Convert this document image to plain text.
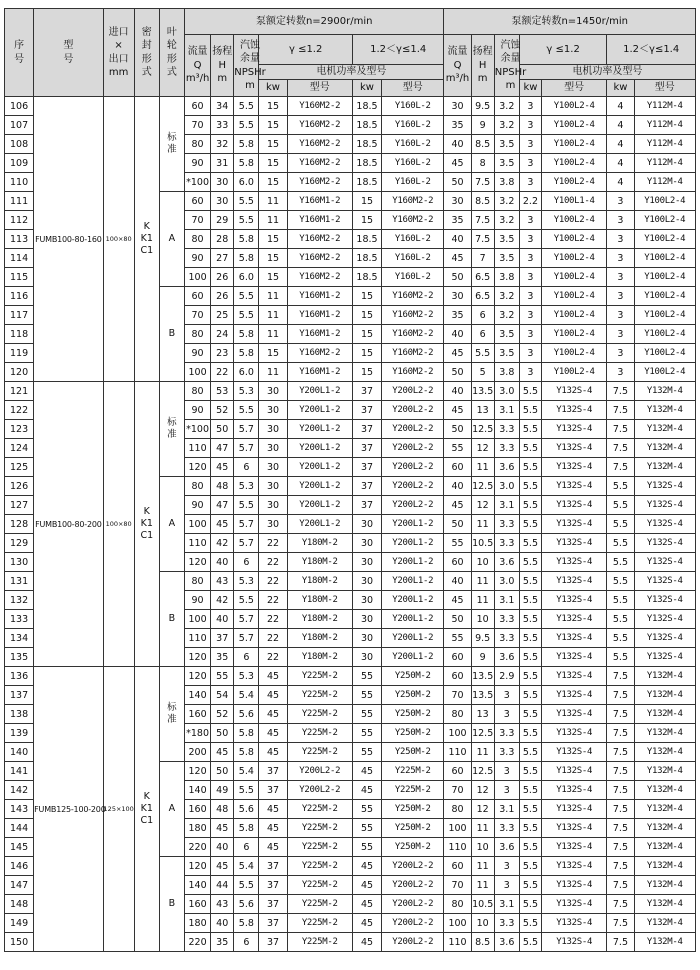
序
号	型
号	进口
×
出口
mm	密
封
形
式	叶
轮
形
式	泵额定转数n=2900r/min							泵额定转数n=1450r/min						
					流量
Q
m³/h	扬程
H
m	汽蚀
余量
NPSHr
m	γ ≤1.2		1.2＜γ≤1.4		流量
Q
m³/h	扬程
H
m	汽蚀
余量
NPSHr
m	γ ≤1.2		1.2＜γ≤1.4	
								电机功率及型号							电机功率及型号			
								kw	型号	kw	型号				kw	型号	kw	型号
106	FUMB100-80-160	100×80	K
K1
C1	标
准	60	34	5.5	15	Y160M2-2	18.5	Y160L-2	30	9.5	3.2	3	Y100L2-4	4	Y112M-4
107					70	33	5.5	15	Y160M2-2	18.5	Y160L-2	35	9	3.2	3	Y100L2-4	4	Y112M-4
108					80	32	5.8	15	Y160M2-2	18.5	Y160L-2	40	8.5	3.5	3	Y100L2-4	4	Y112M-4
109					90	31	5.8	15	Y160M2-2	18.5	Y160L-2	45	8	3.5	3	Y100L2-4	4	Y112M-4
110					*100	30	6.0	15	Y160M2-2	18.5	Y160L-2	50	7.5	3.8	3	Y100L2-4	4	Y112M-4
111				A	60	30	5.5	11	Y160M1-2	15	Y160M2-2	30	8.5	3.2	2.2	Y100L1-4	3	Y100L2-4
112					70	29	5.5	11	Y160M1-2	15	Y160M2-2	35	7.5	3.2	3	Y100L2-4	3	Y100L2-4
113					80	28	5.8	15	Y160M2-2	18.5	Y160L-2	40	7.5	3.5	3	Y100L2-4	3	Y100L2-4
114					90	27	5.8	15	Y160M2-2	18.5	Y160L-2	45	7	3.5	3	Y100L2-4	3	Y100L2-4
115					100	26	6.0	15	Y160M2-2	18.5	Y160L-2	50	6.5	3.8	3	Y100L2-4	3	Y100L2-4
116				B	60	26	5.5	11	Y160M1-2	15	Y160M2-2	30	6.5	3.2	3	Y100L2-4	3	Y100L2-4
117					70	25	5.5	11	Y160M1-2	15	Y160M2-2	35	6	3.2	3	Y100L2-4	3	Y100L2-4
118					80	24	5.8	11	Y160M1-2	15	Y160M2-2	40	6	3.5	3	Y100L2-4	3	Y100L2-4
119					90	23	5.8	15	Y160M2-2	15	Y160M2-2	45	5.5	3.5	3	Y100L2-4	3	Y100L2-4
120					100	22	6.0	11	Y160M1-2	15	Y160M2-2	50	5	3.8	3	Y100L2-4	3	Y100L2-4
121	FUMB100-80-200	100×80	K
K1
C1	标
准	80	53	5.3	30	Y200L1-2	37	Y200L2-2	40	13.5	3.0	5.5	Y132S-4	7.5	Y132M-4
122					90	52	5.5	30	Y200L1-2	37	Y200L2-2	45	13	3.1	5.5	Y132S-4	7.5	Y132M-4
123					*100	50	5.7	30	Y200L1-2	37	Y200L2-2	50	12.5	3.3	5.5	Y132S-4	7.5	Y132M-4
124					110	47	5.7	30	Y200L1-2	37	Y200L2-2	55	12	3.3	5.5	Y132S-4	7.5	Y132M-4
125					120	45	6	30	Y200L1-2	37	Y200L2-2	60	11	3.6	5.5	Y132S-4	7.5	Y132M-4
126				A	80	48	5.3	30	Y200L1-2	37	Y200L2-2	40	12.5	3.0	5.5	Y132S-4	5.5	Y132S-4
127					90	47	5.5	30	Y200L1-2	37	Y200L2-2	45	12	3.1	5.5	Y132S-4	5.5	Y132S-4
128					100	45	5.7	30	Y200L1-2	30	Y200L1-2	50	11	3.3	5.5	Y132S-4	5.5	Y132S-4
129					110	42	5.7	22	Y180M-2	30	Y200L1-2	55	10.5	3.3	5.5	Y132S-4	5.5	Y132S-4
130					120	40	6	22	Y180M-2	30	Y200L1-2	60	10	3.6	5.5	Y132S-4	5.5	Y132S-4
131				B	80	43	5.3	22	Y180M-2	30	Y200L1-2	40	11	3.0	5.5	Y132S-4	5.5	Y132S-4
132					90	42	5.5	22	Y180M-2	30	Y200L1-2	45	11	3.1	5.5	Y132S-4	5.5	Y132S-4
133					100	40	5.7	22	Y180M-2	30	Y200L1-2	50	10	3.3	5.5	Y132S-4	5.5	Y132S-4
134					110	37	5.7	22	Y180M-2	30	Y200L1-2	55	9.5	3.3	5.5	Y132S-4	5.5	Y132S-4
135					120	35	6	22	Y180M-2	30	Y200L1-2	60	9	3.6	5.5	Y132S-4	5.5	Y132S-4
136	FUMB125-100-200	125×100	K
K1
C1	标
准	120	55	5.3	45	Y225M-2	55	Y250M-2	60	13.5	2.9	5.5	Y132S-4	7.5	Y132M-4
137					140	54	5.4	45	Y225M-2	55	Y250M-2	70	13.5	3	5.5	Y132S-4	7.5	Y132M-4
138					160	52	5.6	45	Y225M-2	55	Y250M-2	80	13	3	5.5	Y132S-4	7.5	Y132M-4
139					*180	50	5.8	45	Y225M-2	55	Y250M-2	100	12.5	3.3	5.5	Y132S-4	7.5	Y132M-4
140					200	45	5.8	45	Y225M-2	55	Y250M-2	110	11	3.3	5.5	Y132S-4	7.5	Y132M-4
141				A	120	50	5.4	37	Y200L2-2	45	Y225M-2	60	12.5	3	5.5	Y132S-4	7.5	Y132M-4
142					140	49	5.5	37	Y200L2-2	45	Y225M-2	70	12	3	5.5	Y132S-4	7.5	Y132M-4
143					160	48	5.6	45	Y225M-2	55	Y250M-2	80	12	3.1	5.5	Y132S-4	7.5	Y132M-4
144					180	45	5.8	45	Y225M-2	55	Y250M-2	100	11	3.3	5.5	Y132S-4	7.5	Y132M-4
145					220	40	6	45	Y225M-2	55	Y250M-2	110	10	3.6	5.5	Y132S-4	7.5	Y132M-4
146				B	120	45	5.4	37	Y225M-2	45	Y200L2-2	60	11	3	5.5	Y132S-4	7.5	Y132M-4
147					140	44	5.5	37	Y225M-2	45	Y200L2-2	70	11	3	5.5	Y132S-4	7.5	Y132M-4
148					160	43	5.6	37	Y225M-2	45	Y200L2-2	80	10.5	3.1	5.5	Y132S-4	7.5	Y132M-4
149					180	40	5.8	37	Y225M-2	45	Y200L2-2	100	10	3.3	5.5	Y132S-4	7.5	Y132M-4
150					220	35	6	37	Y225M-2	45	Y200L2-2	110	8.5	3.6	5.5	Y132S-4	7.5	Y132M-4
